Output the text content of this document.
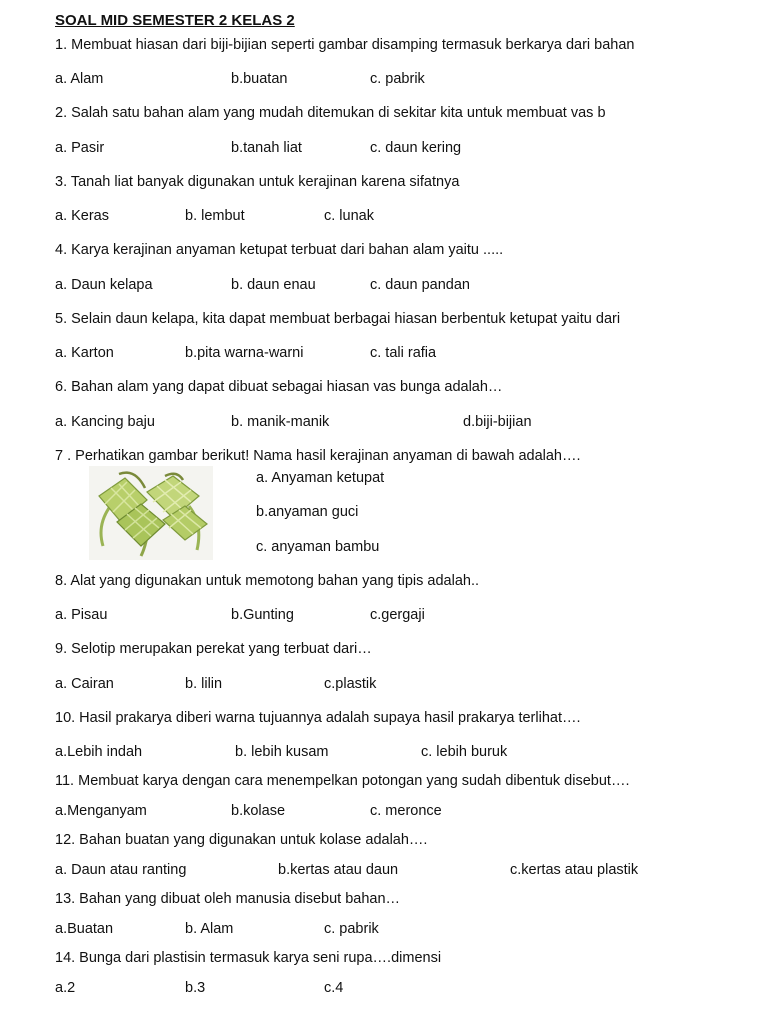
SOAL MID SEMESTER 2 KELAS 2
1. Membuat hiasan dari biji-bijian seperti gambar disamping termasuk berkarya dari bahan
a. Alam	b.buatan	c. pabrik
2. Salah satu bahan alam yang mudah ditemukan di sekitar kita untuk membuat vas b
a. Pasir	b.tanah liat	c. daun kering
3. Tanah liat banyak digunakan untuk kerajinan karena sifatnya
a. Keras	b. lembut	c. lunak
4. Karya kerajinan anyaman ketupat terbuat dari bahan alam yaitu .....
a. Daun kelapa	b. daun enau	c. daun pandan
5. Selain daun kelapa, kita dapat membuat berbagai hiasan berbentuk ketupat yaitu dari
a. Karton	b.pita warna-warni	c. tali rafia
6. Bahan alam yang dapat dibuat sebagai hiasan vas bunga adalah…
a. Kancing baju	b. manik-manik	d.biji-bijian
7 . Perhatikan gambar berikut! Nama hasil kerajinan anyaman di bawah adalah….
a. Anyaman ketupat
b.anyaman guci
c. anyaman bambu
8. Alat yang digunakan untuk memotong bahan yang tipis adalah..
a. Pisau	b.Gunting	c.gergaji
9. Selotip merupakan perekat yang terbuat dari…
a. Cairan	b. lilin	c.plastik
10. Hasil prakarya diberi warna tujuannya adalah supaya hasil prakarya terlihat….
a.Lebih indah	b. lebih kusam	c. lebih buruk
11. Membuat karya dengan cara menempelkan potongan yang sudah dibentuk disebut….
a.Menganyam	b.kolase	c. meronce
12. Bahan buatan yang digunakan untuk kolase adalah….
a. Daun atau ranting	b.kertas atau daun	c.kertas atau plastik
13. Bahan yang dibuat oleh manusia disebut bahan…
a.Buatan	b. Alam	c. pabrik
14. Bunga dari plastisin termasuk karya seni rupa….dimensi
a.2	b.3	c.4
